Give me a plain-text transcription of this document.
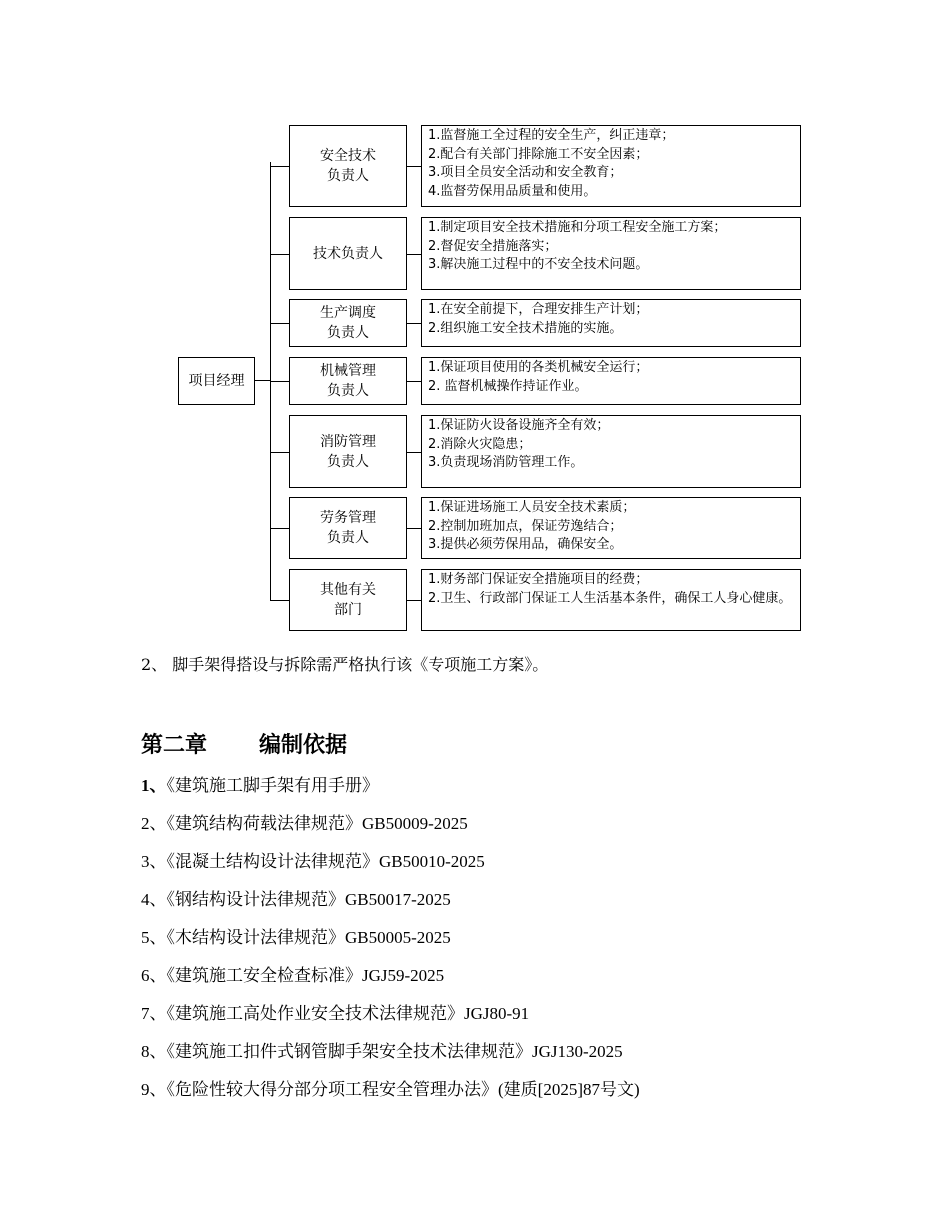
项目经理
安全技术
负责人
1.监督施工全过程的安全生产，纠正违章；
2.配合有关部门排除施工不安全因素；
3.项目全员安全活动和安全教育；
4.监督劳保用品质量和使用。
技术负责人
1.制定项目安全技术措施和分项工程安全施工方案；
2.督促安全措施落实；
3.解决施工过程中的不安全技术问题。
生产调度
负责人
1.在安全前提下，合理安排生产计划；
2.组织施工安全技术措施的实施。
机械管理
负责人
1.保证项目使用的各类机械安全运行；
2. 监督机械操作持证作业。
消防管理
负责人
1.保证防火设备设施齐全有效；
2.消除火灾隐患；
3.负责现场消防管理工作。
劳务管理
负责人
1.保证进场施工人员安全技术素质；
2.控制加班加点，保证劳逸结合；
3.提供必须劳保用品，确保安全。
其他有关
部门
1.财务部门保证安全措施项目的经费；
2.卫生、行政部门保证工人生活基本条件，确保工人身心健康。

2、 脚手架得搭设与拆除需严格执行该《专项施工方案》。

第二章 编制依据
1、《建筑施工脚手架有用手册》
2、《建筑结构荷载法律规范》GB50009-2025
3、《混凝土结构设计法律规范》GB50010-2025
4、《钢结构设计法律规范》GB50017-2025
5、《木结构设计法律规范》GB50005-2025
6、《建筑施工安全检查标准》JGJ59-2025
7、《建筑施工高处作业安全技术法律规范》JGJ80-91
8、《建筑施工扣件式钢管脚手架安全技术法律规范》JGJ130-2025
9、《危险性较大得分部分项工程安全管理办法》(建质[2025]87号文)
